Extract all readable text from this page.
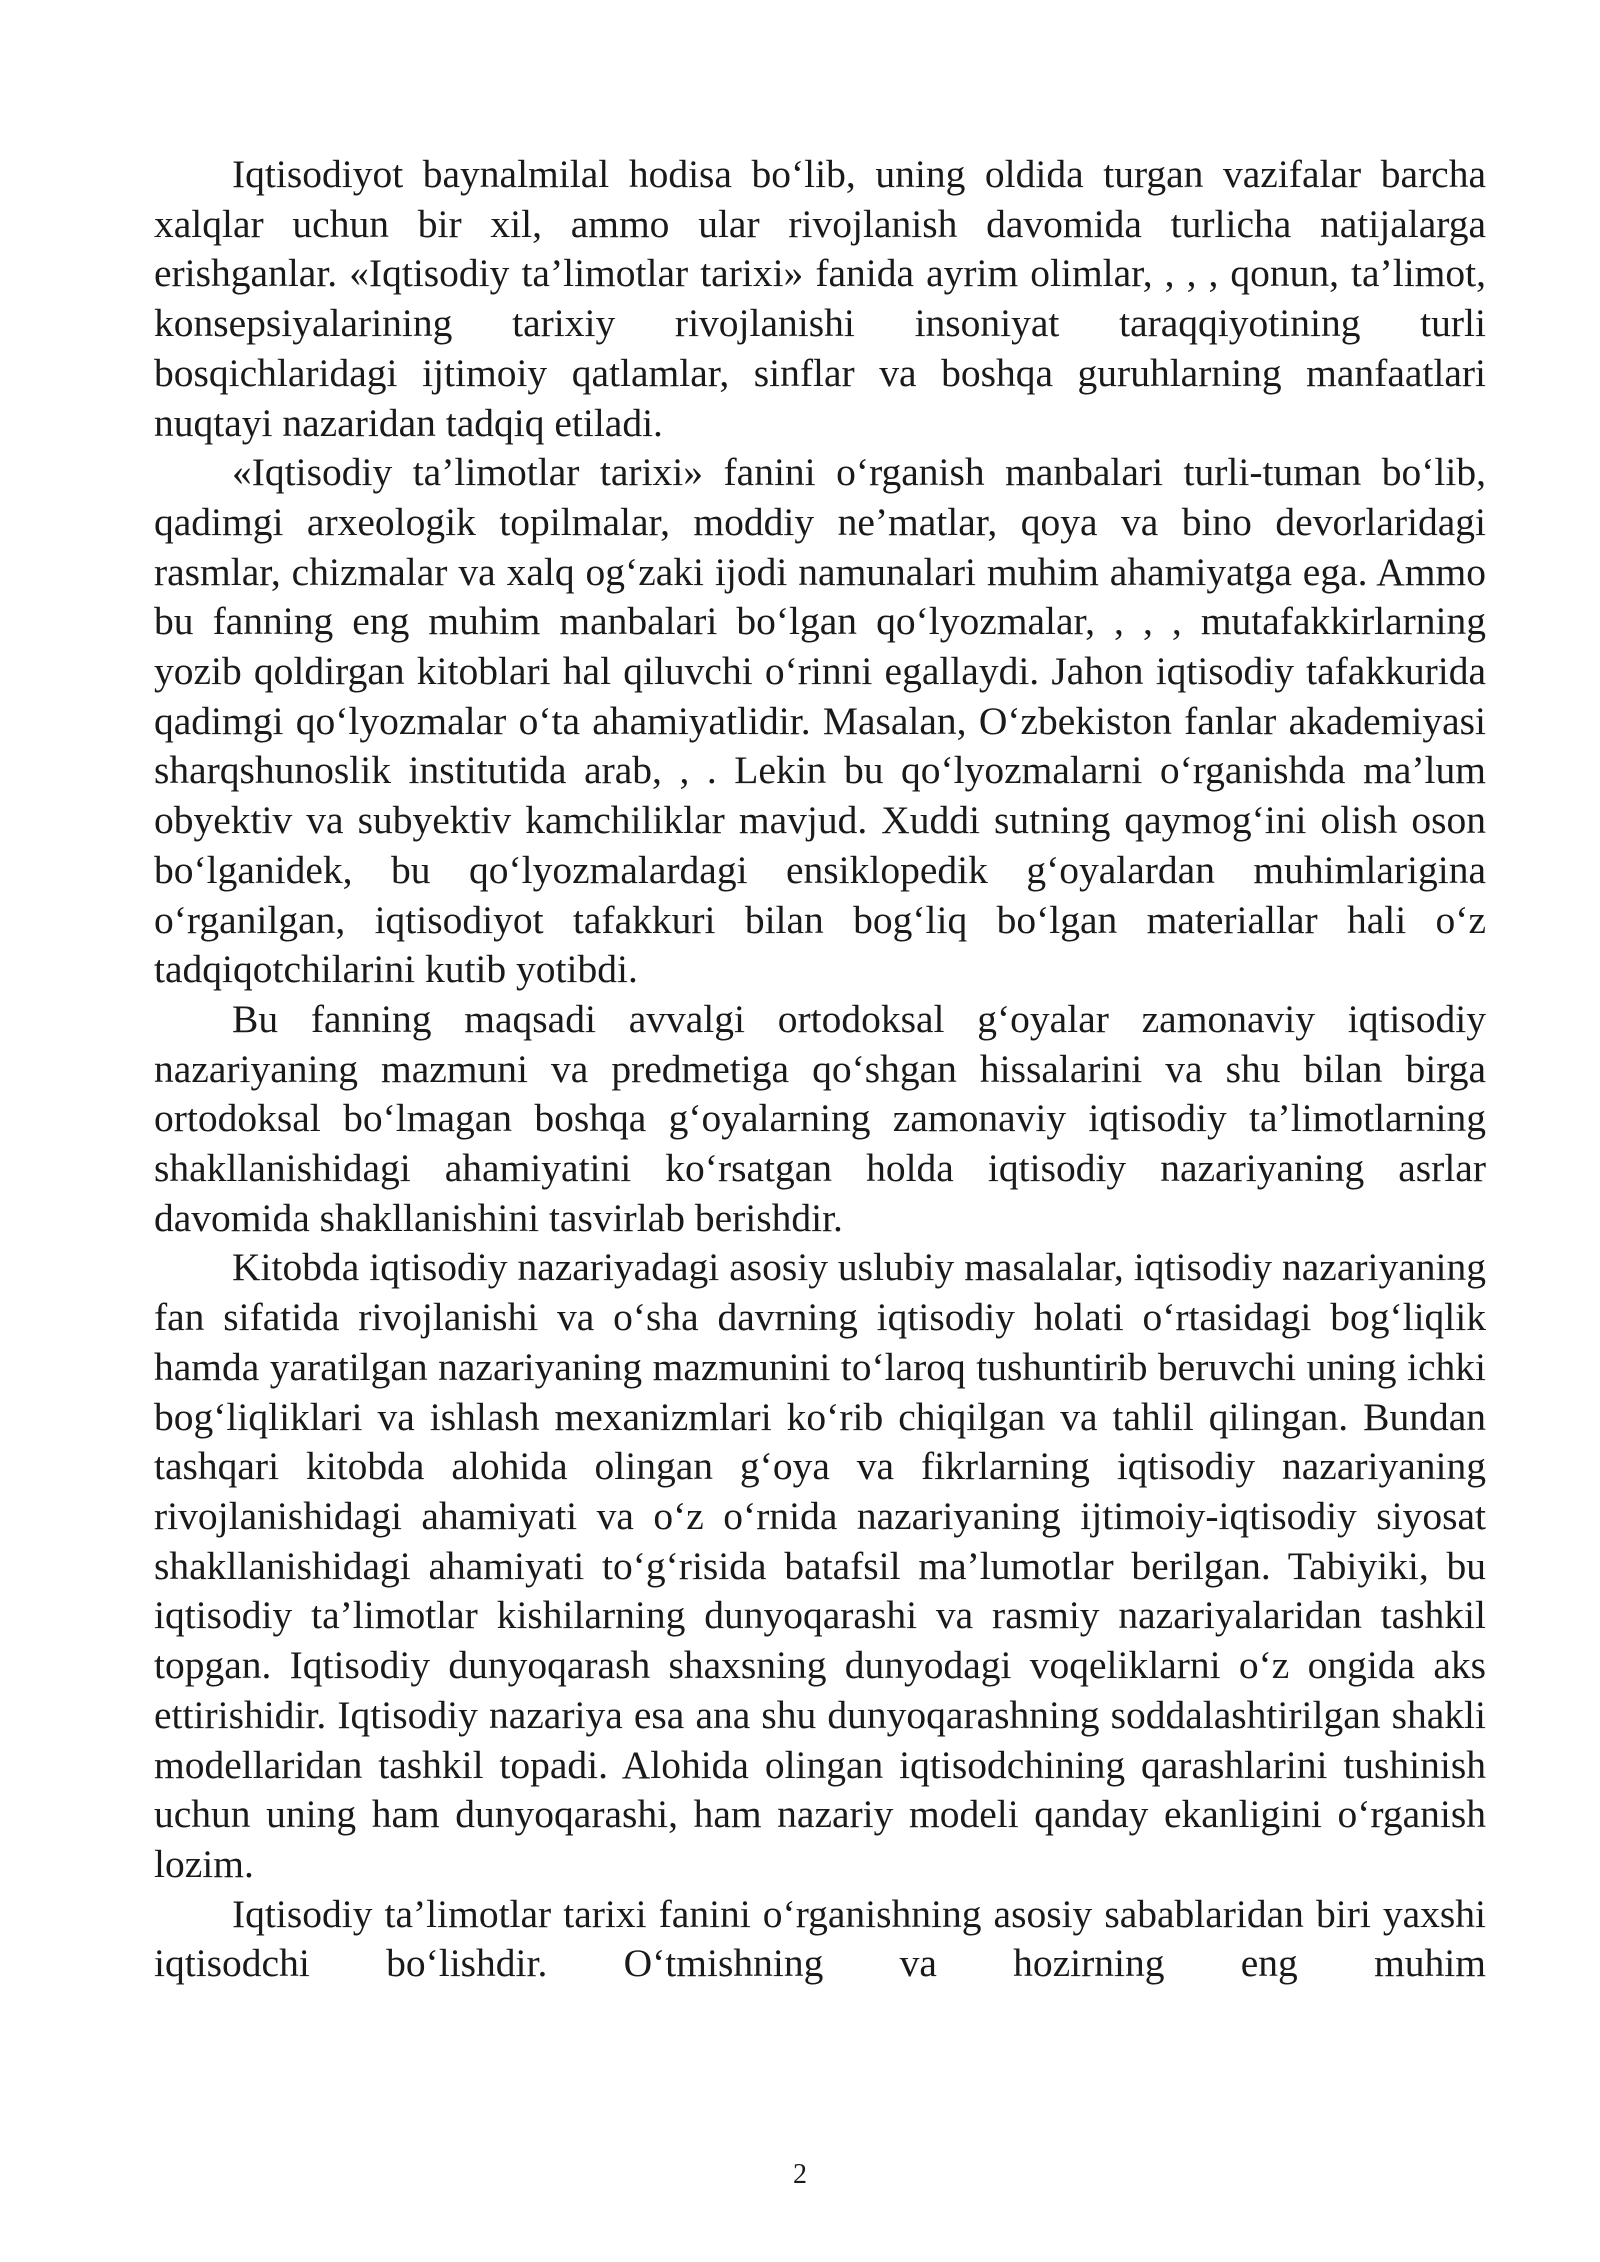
Iqtisodiyot baynalmilal hodisa bo‘lib, uning oldida turgan vazifalar barcha xalqlar uchun bir xil, ammo ular rivojlanish davomida turlicha natijalarga erishganlar. «Iqtisodiy ta’limotlar tarixi» fanida ayrim olimlar, , , , qonun, ta’limot, konsepsiyalarining tarixiy rivojlanishi insoniyat taraqqiyotining turli bosqichlaridagi ijtimoiy qatlamlar, sinflar va boshqa guruhlarning manfaatlari nuqtayi nazaridan tadqiq etiladi.

«Iqtisodiy ta’limotlar tarixi» fanini o‘rganish manbalari turli-tuman bo‘lib, qadimgi arxeologik topilmalar, moddiy ne’matlar, qoya va bino devorlaridagi rasmlar, chizmalar va xalq og‘zaki ijodi namunalari muhim ahamiyatga ega. Ammo bu fanning eng muhim manbalari bo‘lgan qo‘lyozmalar, , , , mutafakkirlarning yozib qoldirgan kitoblari hal qiluvchi o‘rinni egallaydi. Jahon iqtisodiy tafakkurida qadimgi qo‘lyozmalar o‘ta ahamiyatlidir. Masalan, O‘zbekiston fanlar akademiyasi sharqshunoslik institutida arab, , . Lekin bu qo‘lyozmalarni o‘rganishda ma’lum obyektiv va subyektiv kamchiliklar mavjud. Xuddi sutning qaymog‘ini olish oson bo‘lganidek, bu qo‘lyozmalardagi ensiklopedik g‘oyalardan muhimlarigina o‘rganilgan, iqtisodiyot tafakkuri bilan bog‘liq bo‘lgan materiallar hali o‘z tadqiqotchilarini kutib yotibdi.

Bu fanning maqsadi avvalgi ortodoksal g‘oyalar zamonaviy iqtisodiy nazariyaning mazmuni va predmetiga qo‘shgan hissalarini va shu bilan birga ortodoksal bo‘lmagan boshqa g‘oyalarning zamonaviy iqtisodiy ta’limotlarning shakllanishidagi ahamiyatini ko‘rsatgan holda iqtisodiy nazariyaning asrlar davomida shakllanishini tasvirlab berishdir.

Kitobda iqtisodiy nazariyadagi asosiy uslubiy masalalar, iqtisodiy nazariyaning fan sifatida rivojlanishi va o‘sha davrning iqtisodiy holati o‘rtasidagi bog‘liqlik hamda yaratilgan nazariyaning mazmunini to‘laroq tushuntirib beruvchi uning ichki bog‘liqliklari va ishlash mexanizmlari ko‘rib chiqilgan va tahlil qilingan. Bundan tashqari kitobda alohida olingan g‘oya va fikrlarning iqtisodiy nazariyaning rivojlanishidagi ahamiyati va o‘z o‘rnida nazariyaning ijtimoiy-iqtisodiy siyosat shakllanishidagi ahamiyati to‘g‘risida batafsil ma’lumotlar berilgan. Tabiyiki, bu iqtisodiy ta’limotlar kishilarning dunyoqarashi va rasmiy nazariyalaridan tashkil topgan. Iqtisodiy dunyoqarash shaxsning dunyodagi voqeliklarni o‘z ongida aks ettirishidir. Iqtisodiy nazariya esa ana shu dunyoqarashning soddalashtirilgan shakli modellaridan tashkil topadi. Alohida olingan iqtisodchining qarashlarini tushinish uchun uning ham dunyoqarashi, ham nazariy modeli qanday ekanligini o‘rganish lozim.

Iqtisodiy ta’limotlar tarixi fanini o‘rganishning asosiy sabablaridan biri yaxshi iqtisodchi bo‘lishdir. O‘tmishning va hozirning eng muhim

2
